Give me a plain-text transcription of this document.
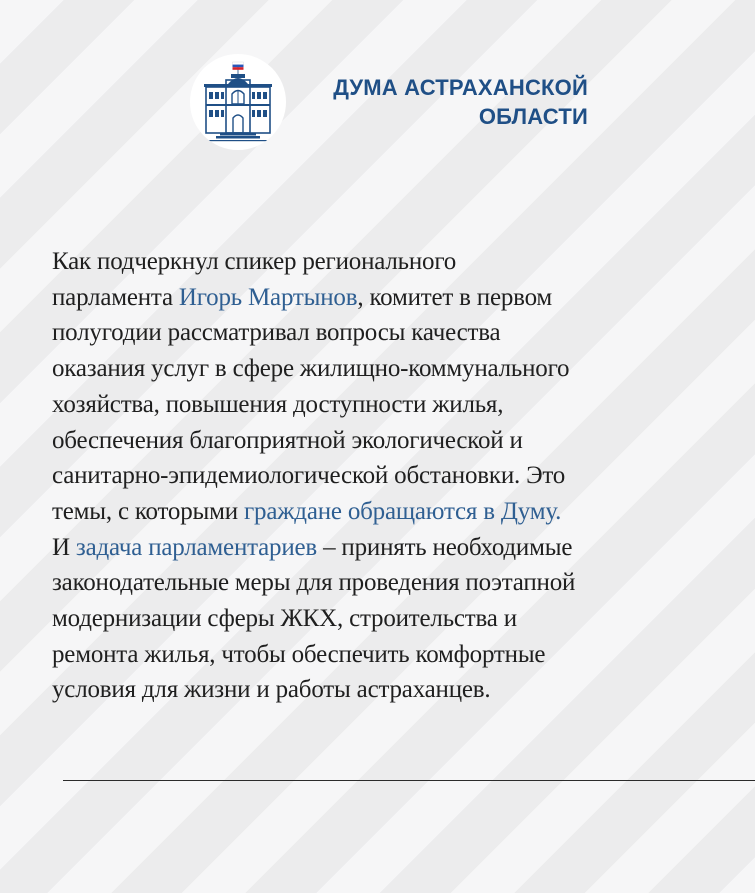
ДУМА АСТРАХАНСКОЙ
ОБЛАСТИ
Как подчеркнул спикер регионального
парламента Игорь Мартынов, комитет в первом
полугодии рассматривал вопросы качества
оказания услуг в сфере жилищно-коммунального
хозяйства, повышения доступности жилья,
обеспечения благоприятной экологической и
санитарно-эпидемиологической обстановки. Это
темы, с которыми граждане обращаются в Думу.
И задача парламентариев – принять необходимые
законодательные меры для проведения поэтапной
модернизации сферы ЖКХ, строительства и
ремонта жилья, чтобы обеспечить комфортные
условия для жизни и работы астраханцев.
